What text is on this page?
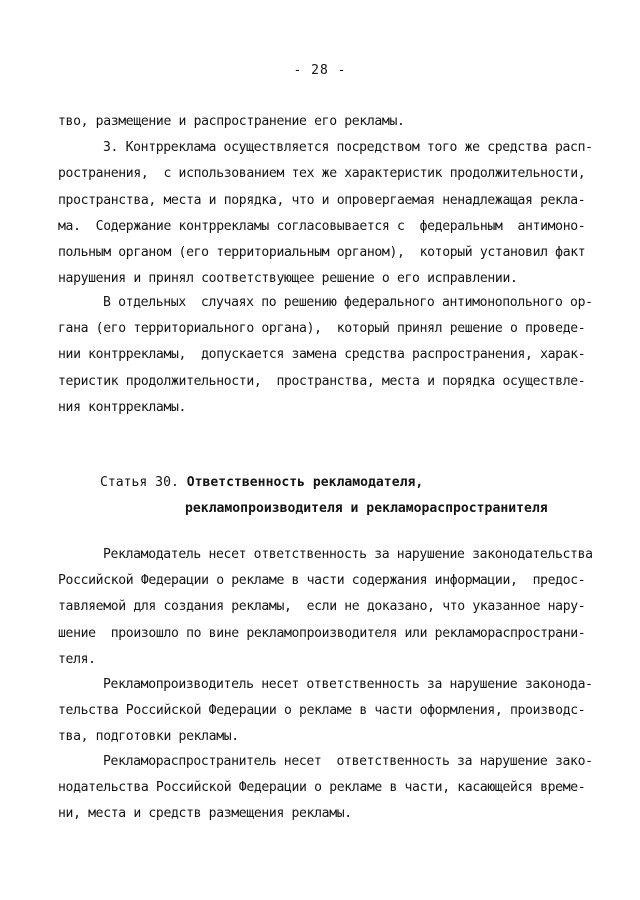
- 28 -
тво, размещение и распространение его рекламы.
3. Контрреклама осуществляется посредством того же средства расп-
ространения,  с использованием тех же характеристик продолжительности,
пространства, места и порядка, что и опровергаемая ненадлежащая рекла-
ма.  Содержание контррекламы согласовывается с  федеральным  антимоно-
польным органом (его территориальным органом),  который установил факт
нарушения и принял соответствующее решение о его исправлении.
В отдельных  случаях по решению федерального антимонопольного ор-
гана (его территориального органа),  который принял решение о проведе-
нии контррекламы,  допускается замена средства распространения, харак-
теристик продолжительности,  пространства, места и порядка осуществле-
ния контррекламы.
Статья 30. Ответственность рекламодателя,
рекламопроизводителя и рекламораспространителя
Рекламодатель несет ответственность за нарушение законодательства
Российской Федерации о рекламе в части содержания информации,  предос-
тавляемой для создания рекламы,  если не доказано, что указанное нару-
шение  произошло по вине рекламопроизводителя или рекламораспространи-
теля.
Рекламопроизводитель несет ответственность за нарушение законода-
тельства Российской Федерации о рекламе в части оформления, производс-
тва, подготовки рекламы.
Рекламораспространитель несет  ответственность за нарушение зако-
нодательства Российской Федерации о рекламе в части, касающейся време-
ни, места и средств размещения рекламы.
